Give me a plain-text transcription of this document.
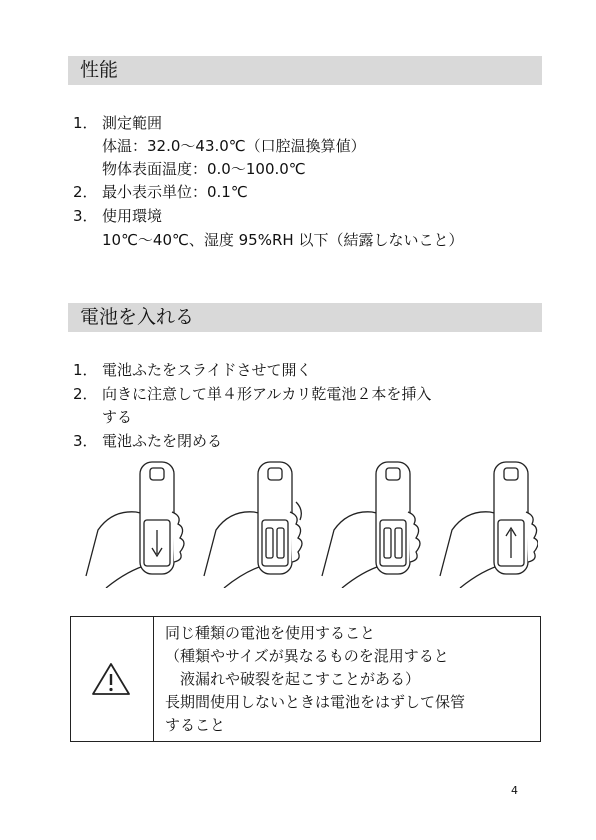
性能
1． 測定範囲
体温：32.0～43.0℃（口腔温換算値）
物体表面温度：0.0～100.0℃
2． 最小表示単位：0.1℃
3． 使用環境
10℃～40℃、湿度 95%RH 以下（結露しないこと）
電池を入れる
1． 電池ふたをスライドさせて開く
2． 向きに注意して単４形アルカリ乾電池２本を挿入
する
3． 電池ふたを閉める
同じ種類の電池を使用すること
（種類やサイズが異なるものを混用すると
　液漏れや破裂を起こすことがある）
長期間使用しないときは電池をはずして保管
すること
4
